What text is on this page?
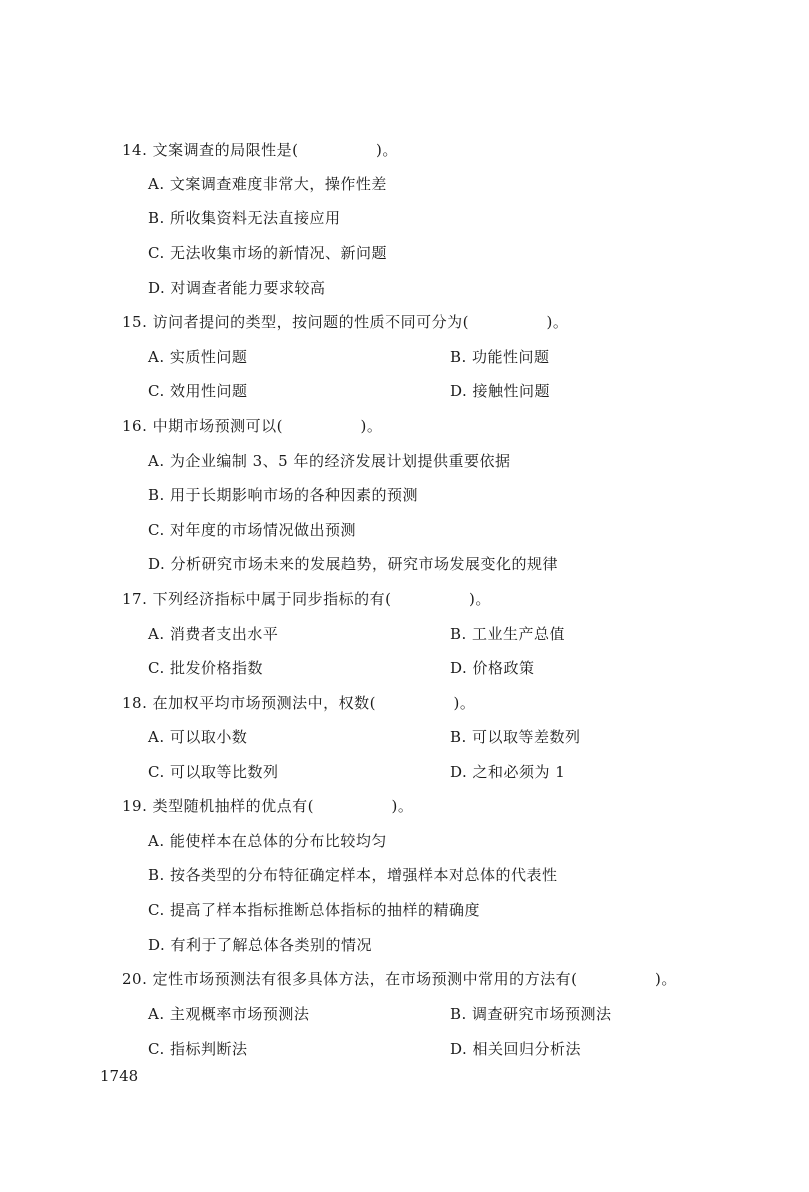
14. 文案调查的局限性是(　　　　　)。
A. 文案调查难度非常大，操作性差
B. 所收集资料无法直接应用
C. 无法收集市场的新情况、新问题
D. 对调查者能力要求较高
15. 访问者提问的类型，按问题的性质不同可分为(　　　　　)。
A. 实质性问题	B. 功能性问题
C. 效用性问题	D. 接触性问题
16. 中期市场预测可以(　　　　　)。
A. 为企业编制 3、5 年的经济发展计划提供重要依据
B. 用于长期影响市场的各种因素的预测
C. 对年度的市场情况做出预测
D. 分析研究市场未来的发展趋势，研究市场发展变化的规律
17. 下列经济指标中属于同步指标的有(　　　　　)。
A. 消费者支出水平	B. 工业生产总值
C. 批发价格指数	D. 价格政策
18. 在加权平均市场预测法中，权数(　　　　　)。
A. 可以取小数	B. 可以取等差数列
C. 可以取等比数列	D. 之和必须为 1
19. 类型随机抽样的优点有(　　　　　)。
A. 能使样本在总体的分布比较均匀
B. 按各类型的分布特征确定样本，增强样本对总体的代表性
C. 提高了样本指标推断总体指标的抽样的精确度
D. 有利于了解总体各类别的情况
20. 定性市场预测法有很多具体方法，在市场预测中常用的方法有(　　　　　)。
A. 主观概率市场预测法	B. 调查研究市场预测法
C. 指标判断法	D. 相关回归分析法
1748
